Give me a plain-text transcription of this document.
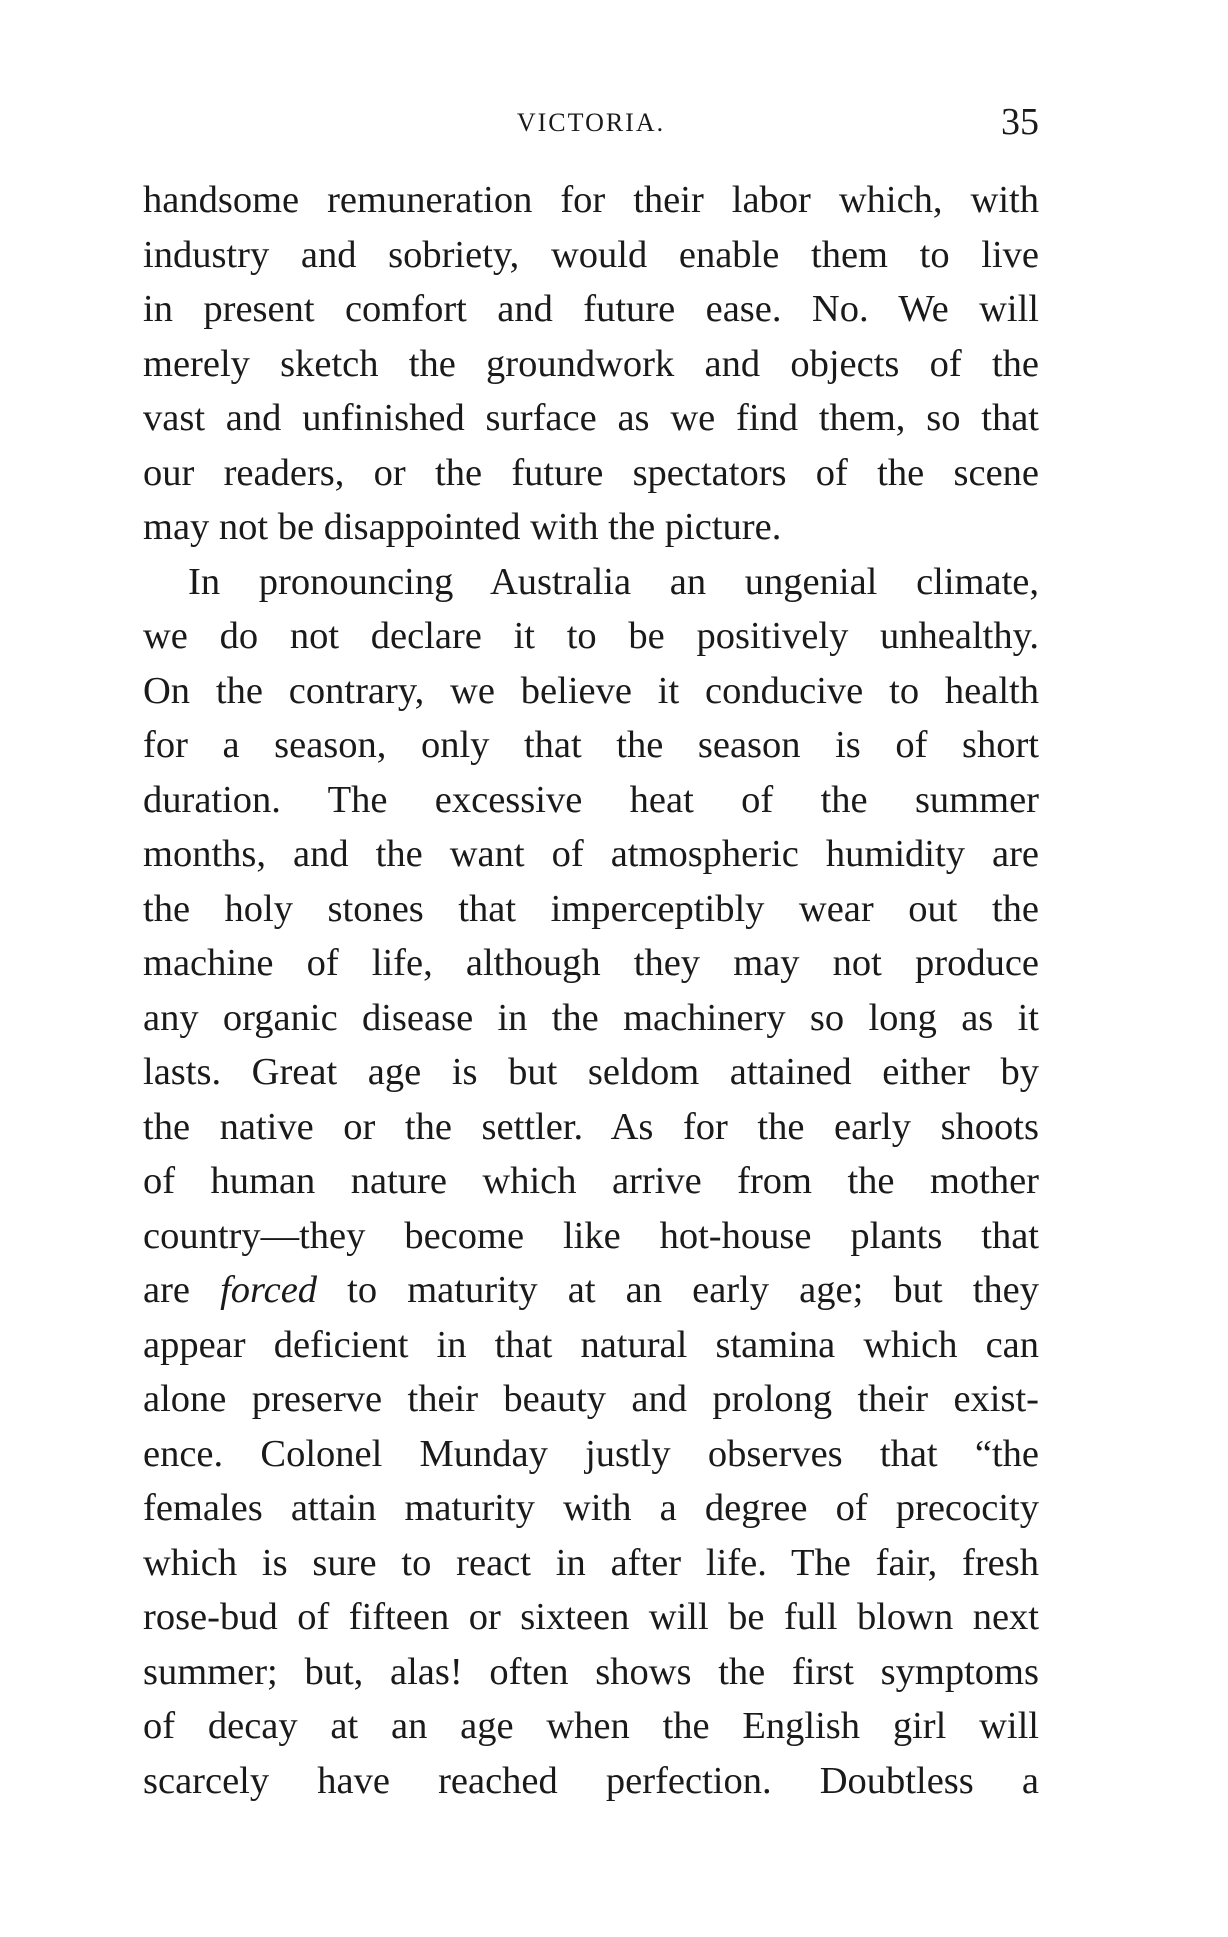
VICTORIA.	35
handsome remuneration for their labor which, with
industry and sobriety, would enable them to live
in present comfort and future ease. No. We will
merely sketch the groundwork and objects of the
vast and unfinished surface as we find them, so that
our readers, or the future spectators of the scene
may not be disappointed with the picture.
In pronouncing Australia an ungenial climate,
we do not declare it to be positively unhealthy.
On the contrary, we believe it conducive to health
for a season, only that the season is of short
duration. The excessive heat of the summer
months, and the want of atmospheric humidity are
the holy stones that imperceptibly wear out the
machine of life, although they may not produce
any organic disease in the machinery so long as it
lasts. Great age is but seldom attained either by
the native or the settler. As for the early shoots
of human nature which arrive from the mother
country—they become like hot-house plants that
are forced to maturity at an early age; but they
appear deficient in that natural stamina which can
alone preserve their beauty and prolong their exist-
ence. Colonel Munday justly observes that “the
females attain maturity with a degree of precocity
which is sure to react in after life. The fair, fresh
rose-bud of fifteen or sixteen will be full blown next
summer; but, alas! often shows the first symptoms
of decay at an age when the English girl will
scarcely have reached perfection. Doubtless a
